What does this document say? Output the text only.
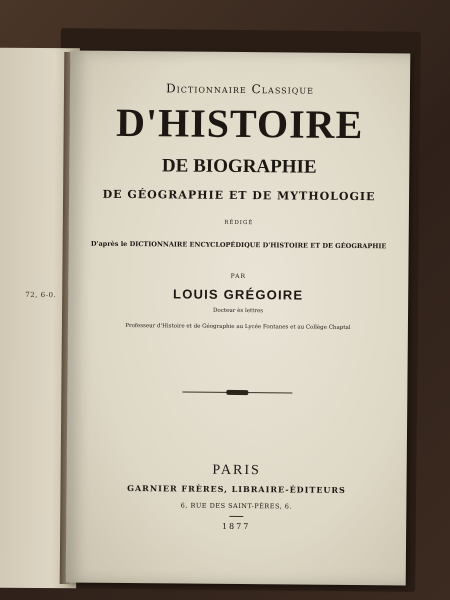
72, 6-0.
Dictionnaire Classique
D'HISTOIRE
DE BIOGRAPHIE
DE GÉOGRAPHIE ET DE MYTHOLOGIE
RÉDIGÉ
D'après le DICTIONNAIRE ENCYCLOPÉDIQUE D'HISTOIRE ET DE GÉOGRAPHIE
PAR
LOUIS GRÉGOIRE
Docteur ès lettres
Professeur d'Histoire et de Géographie au Lycée Fontanes et au Collège Chaptal
PARIS
GARNIER FRÈRES, LIBRAIRE-ÉDITEURS
6, RUE DES SAINT-PÈRES, 6.
1877
